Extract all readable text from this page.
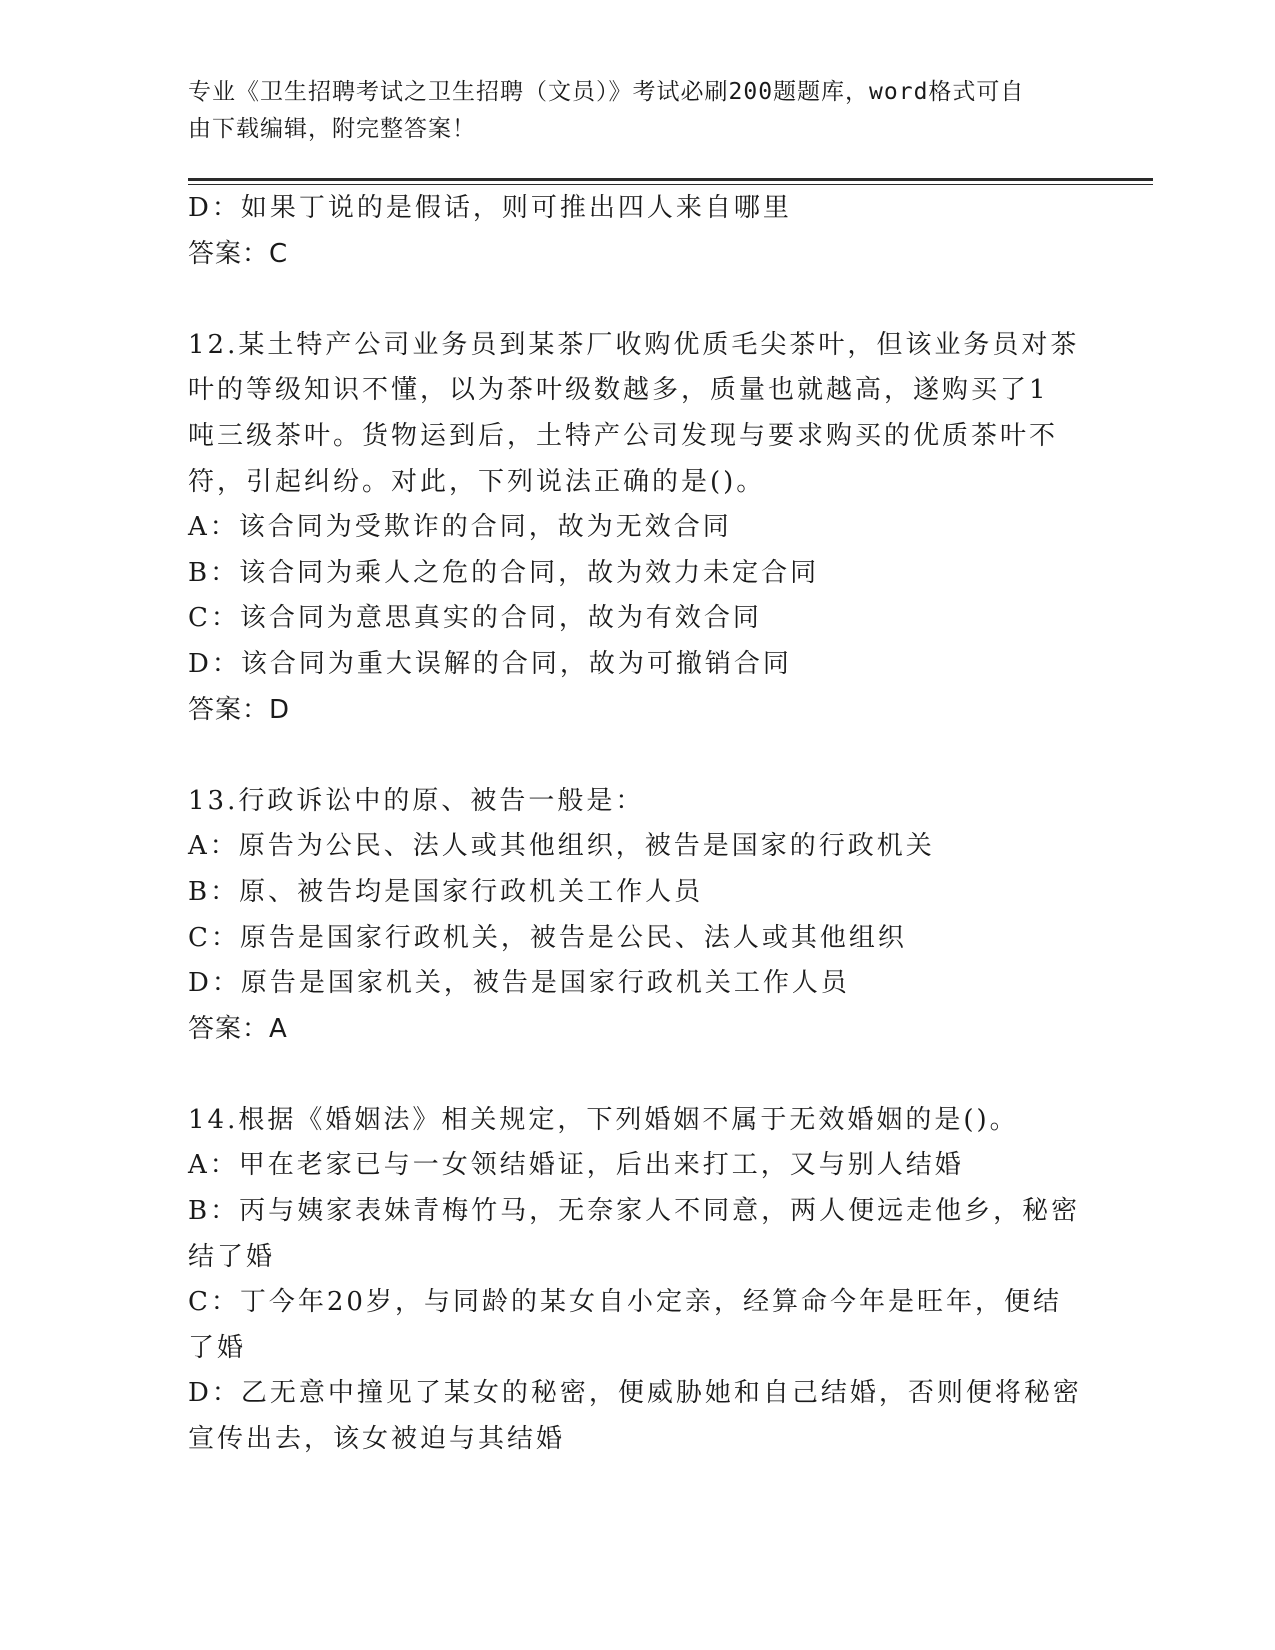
专业《卫生招聘考试之卫生招聘（文员）》考试必刷200题题库，word格式可自
由下载编辑，附完整答案！
D：如果丁说的是假话，则可推出四人来自哪里
答案：C
12.某土特产公司业务员到某茶厂收购优质毛尖茶叶，但该业务员对茶
叶的等级知识不懂，以为茶叶级数越多，质量也就越高，遂购买了1
吨三级茶叶。货物运到后，土特产公司发现与要求购买的优质茶叶不
符，引起纠纷。对此，下列说法正确的是()。
A：该合同为受欺诈的合同，故为无效合同
B：该合同为乘人之危的合同，故为效力未定合同
C：该合同为意思真实的合同，故为有效合同
D：该合同为重大误解的合同，故为可撤销合同
答案：D
13.行政诉讼中的原、被告一般是：
A：原告为公民、法人或其他组织，被告是国家的行政机关
B：原、被告均是国家行政机关工作人员
C：原告是国家行政机关，被告是公民、法人或其他组织
D：原告是国家机关，被告是国家行政机关工作人员
答案：A
14.根据《婚姻法》相关规定，下列婚姻不属于无效婚姻的是()。
A：甲在老家已与一女领结婚证，后出来打工，又与别人结婚
B：丙与姨家表妹青梅竹马，无奈家人不同意，两人便远走他乡，秘密
结了婚
C：丁今年20岁，与同龄的某女自小定亲，经算命今年是旺年，便结
了婚
D：乙无意中撞见了某女的秘密，便威胁她和自己结婚，否则便将秘密
宣传出去，该女被迫与其结婚
